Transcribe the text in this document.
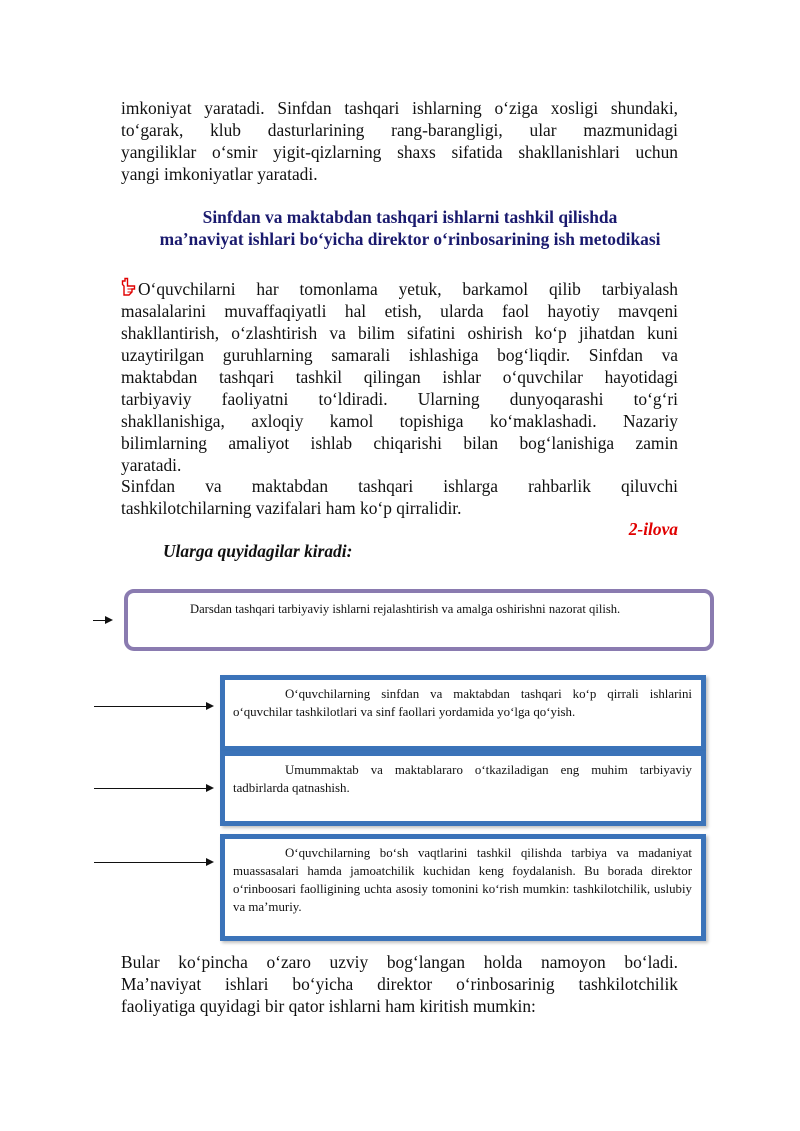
imkoniyat yaratadi. Sinfdan tashqari ishlarning o‘ziga xosligi shundaki,
to‘garak, klub dasturlarining rang-barangligi, ular mazmunidagi
yangiliklar o‘smir yigit-qizlarning shaxs sifatida shakllanishlari uchun
yangi imkoniyatlar yaratadi.
Sinfdan va maktabdan tashqari ishlarni tashkil qilishda
ma’naviyat ishlari bo‘yicha direktor o‘rinbosarining ish metodikasi
O‘quvchilarni har tomonlama yetuk, barkamol qilib tarbiyalash
masalalarini muvaffaqiyatli hal etish, ularda faol hayotiy mavqeni
shakllantirish, o‘zlashtirish va bilim sifatini oshirish ko‘p jihatdan kuni
uzaytirilgan guruhlarning samarali ishlashiga bog‘liqdir. Sinfdan va
maktabdan tashqari tashkil qilingan ishlar o‘quvchilar hayotidagi
tarbiyaviy faoliyatni to‘ldiradi. Ularning dunyoqarashi to‘g‘ri
shakllanishiga, axloqiy kamol topishiga ko‘maklashadi. Nazariy
bilimlarning amaliyot ishlab chiqarishi bilan bog‘lanishiga zamin
yaratadi.
Sinfdan va maktabdan tashqari ishlarga rahbarlik qiluvchi
tashkilotchilarning vazifalari ham ko‘p qirralidir.
2-ilova
Ularga quyidagilar kiradi:
Darsdan tashqari tarbiyaviy ishlarni rejalashtirish va amalga oshirishni nazorat qilish.
O‘quvchilarning sinfdan va maktabdan tashqari ko‘p qirrali ishlarini o‘quvchilar tashkilotlari va sinf faollari yordamida yo‘lga qo‘yish.
Umummaktab va maktablararo o‘tkaziladigan eng muhim tarbiyaviy tadbirlarda qatnashish.
O‘quvchilarning bo‘sh vaqtlarini tashkil qilishda tarbiya va madaniyat muassasalari hamda jamoatchilik kuchidan keng foydalanish. Bu borada direktor o‘rinboosari faolligining uchta asosiy tomonini ko‘rish mumkin: tashkilotchilik, uslubiy va ma’muriy.
Bular ko‘pincha o‘zaro uzviy bog‘langan holda namoyon bo‘ladi.
Ma’naviyat ishlari bo‘yicha direktor o‘rinbosarinig tashkilotchilik
faoliyatiga quyidagi bir qator ishlarni ham kiritish mumkin:
